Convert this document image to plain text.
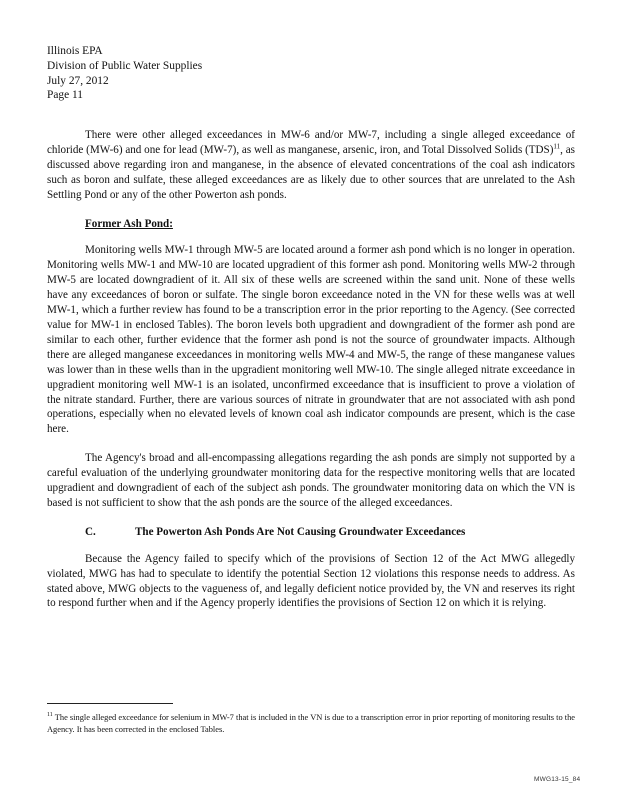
Illinois EPA
Division of Public Water Supplies
July 27, 2012
Page 11

There were other alleged exceedances in MW-6 and/or MW-7, including a single alleged exceedance of chloride (MW-6) and one for lead (MW-7), as well as manganese, arsenic, iron, and Total Dissolved Solids (TDS)$^{11}$, as discussed above regarding iron and manganese, in the absence of elevated concentrations of the coal ash indicators such as boron and sulfate, these alleged exceedances are as likely due to other sources that are unrelated to the Ash Settling Pond or any of the other Powerton ash ponds.

Former Ash Pond:

Monitoring wells MW-1 through MW-5 are located around a former ash pond which is no longer in operation. Monitoring wells MW-1 and MW-10 are located upgradient of this former ash pond. Monitoring wells MW-2 through MW-5 are located downgradient of it. All six of these wells are screened within the sand unit. None of these wells have any exceedances of boron or sulfate. The single boron exceedance noted in the VN for these wells was at well MW-1, which a further review has found to be a transcription error in the prior reporting to the Agency. (See corrected value for MW-1 in enclosed Tables). The boron levels both upgradient and downgradient of the former ash pond are similar to each other, further evidence that the former ash pond is not the source of groundwater impacts. Although there are alleged manganese exceedances in monitoring wells MW-4 and MW-5, the range of these manganese values was lower than in these wells than in the upgradient monitoring well MW-10. The single alleged nitrate exceedance in upgradient monitoring well MW-1 is an isolated, unconfirmed exceedance that is insufficient to prove a violation of the nitrate standard. Further, there are various sources of nitrate in groundwater that are not associated with ash pond operations, especially when no elevated levels of known coal ash indicator compounds are present, which is the case here.

The Agency's broad and all-encompassing allegations regarding the ash ponds are simply not supported by a careful evaluation of the underlying groundwater monitoring data for the respective monitoring wells that are located upgradient and downgradient of each of the subject ash ponds. The groundwater monitoring data on which the VN is based is not sufficient to show that the ash ponds are the source of the alleged exceedances.

C.	The Powerton Ash Ponds Are Not Causing Groundwater Exceedances

Because the Agency failed to specify which of the provisions of Section 12 of the Act MWG allegedly violated, MWG has had to speculate to identify the potential Section 12 violations this response needs to address. As stated above, MWG objects to the vagueness of, and legally deficient notice provided by, the VN and reserves its right to respond further when and if the Agency properly identifies the provisions of Section 12 on which it is relying.

$^{11}$ The single alleged exceedance for selenium in MW-7 that is included in the VN is due to a transcription error in prior reporting of monitoring results to the Agency. It has been corrected in the enclosed Tables.
MWG13-15_84
